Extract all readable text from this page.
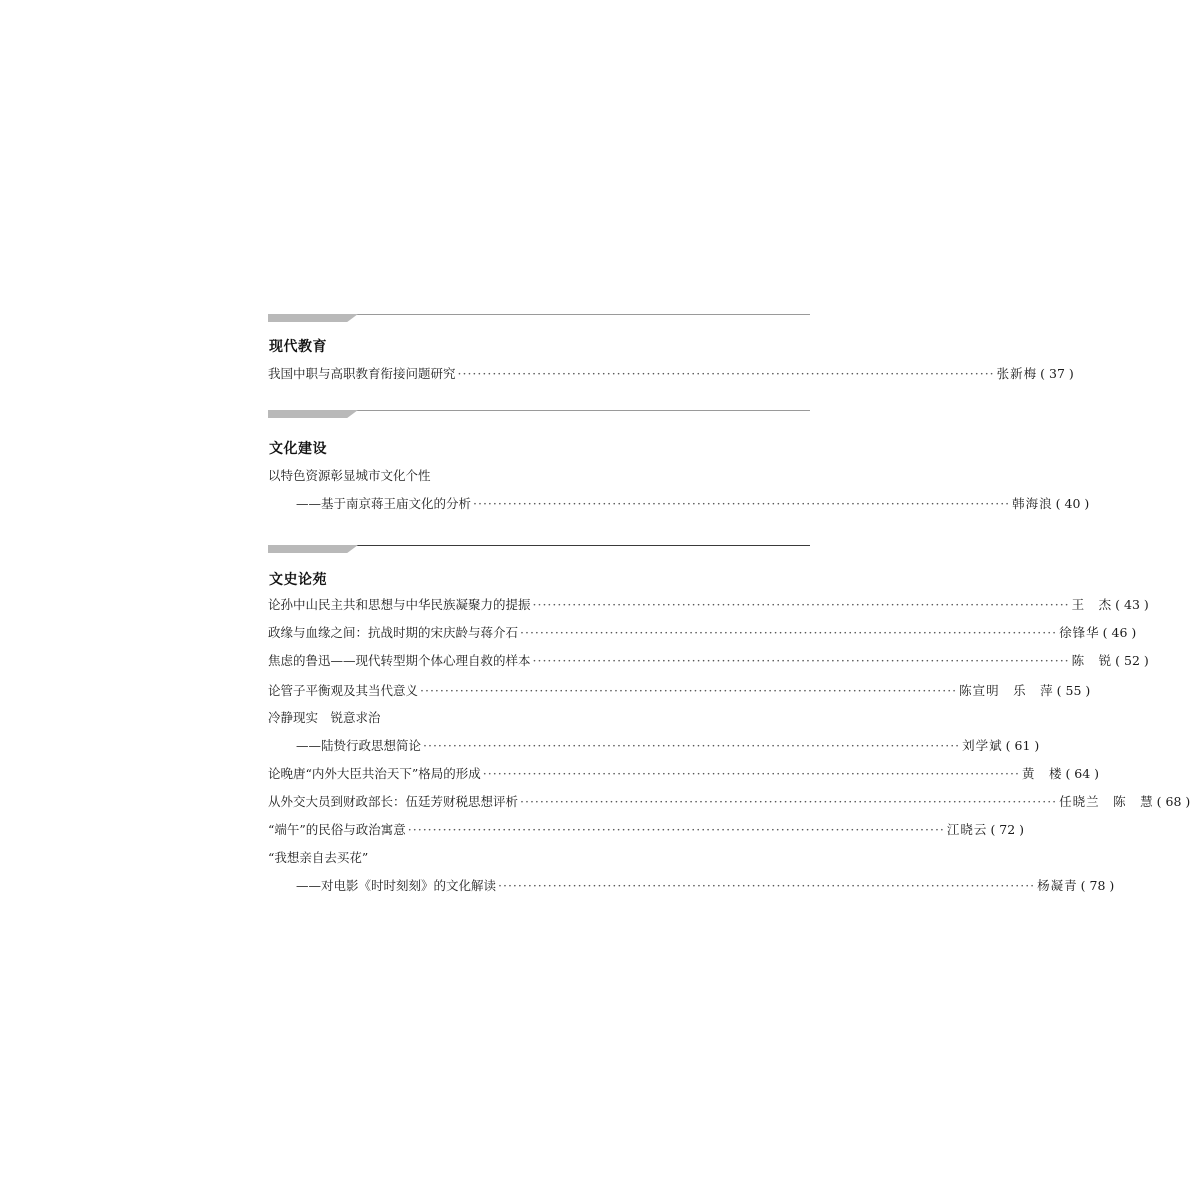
现代教育
我国中职与高职教育衔接问题研究 ············································································································ 张新梅 ( 37 )
文化建设
以特色资源彰显城市文化个性
——基于南京蒋王庙文化的分析 ············································································································ 韩海浪 ( 40 )
文史论苑
论孙中山民主共和思想与中华民族凝聚力的提振 ············································································································ 王　杰 ( 43 )
政缘与血缘之间：抗战时期的宋庆龄与蒋介石 ············································································································ 徐锋华 ( 46 )
焦虑的鲁迅——现代转型期个体心理自救的样本 ············································································································ 陈　锐 ( 52 )
论管子平衡观及其当代意义 ············································································································ 陈宣明　乐　萍 ( 55 )
冷静现实　锐意求治
——陆贽行政思想简论 ············································································································ 刘学斌 ( 61 )
论晚唐“内外大臣共治天下”格局的形成 ············································································································ 黄　楼 ( 64 )
从外交大员到财政部长：伍廷芳财税思想评析 ············································································································ 任晓兰　陈　慧 ( 68 )
“端午”的民俗与政治寓意 ············································································································ 江晓云 ( 72 )
“我想亲自去买花”
——对电影《时时刻刻》的文化解读 ············································································································ 杨凝青 ( 78 )
